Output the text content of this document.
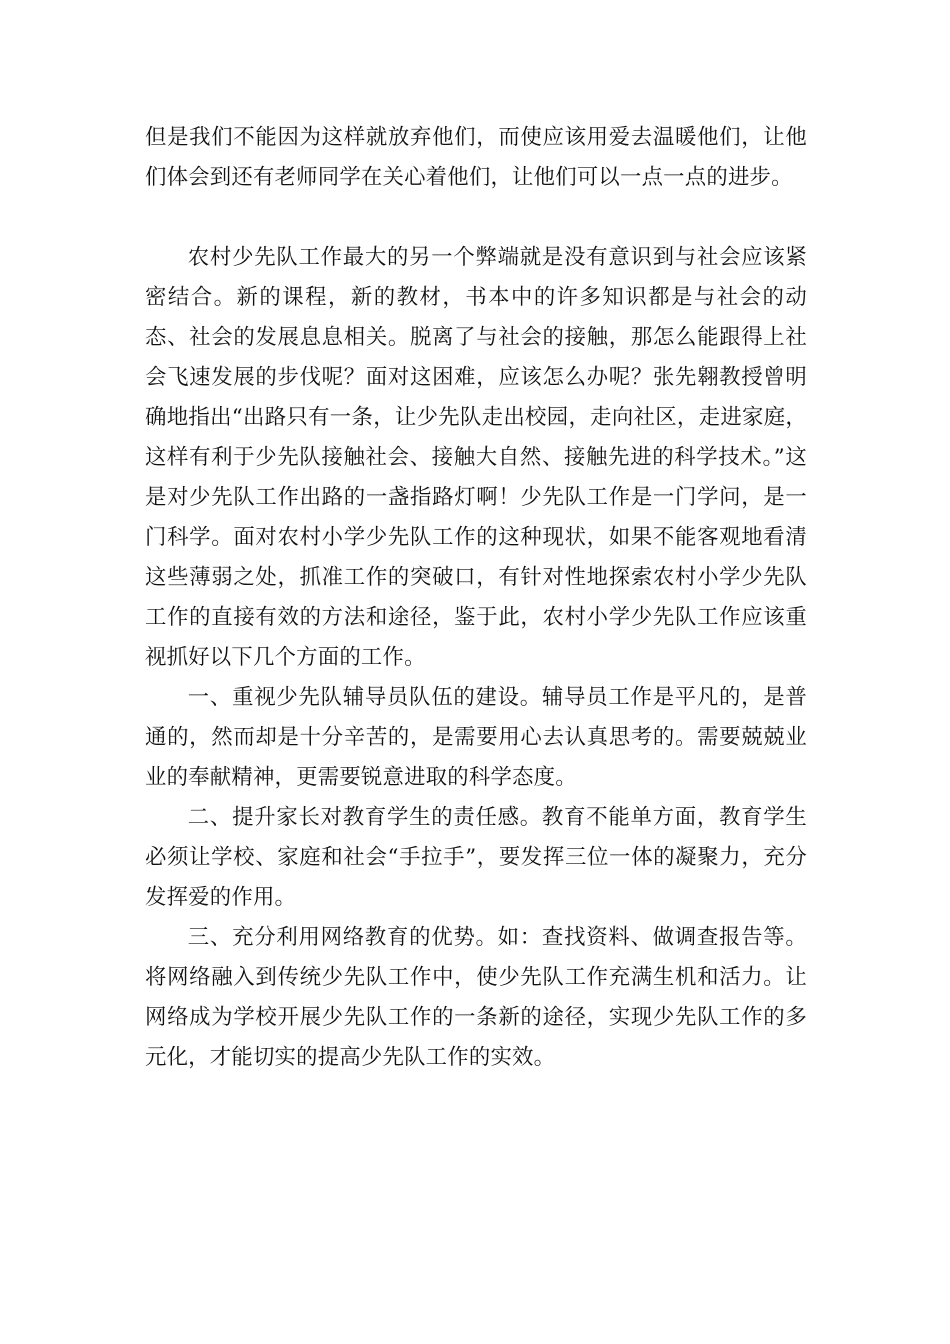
但是我们不能因为这样就放弃他们，而使应该用爱去温暖他们，让他们体会到还有老师同学在关心着他们，让他们可以一点一点的进步。

农村少先队工作最大的另一个弊端就是没有意识到与社会应该紧密结合。新的课程，新的教材，书本中的许多知识都是与社会的动态、社会的发展息息相关。脱离了与社会的接触，那怎么能跟得上社会飞速发展的步伐呢？面对这困难，应该怎么办呢？张先翱教授曾明确地指出“出路只有一条，让少先队走出校园，走向社区，走进家庭，这样有利于少先队接触社会、接触大自然、接触先进的科学技术。”这是对少先队工作出路的一盏指路灯啊！少先队工作是一门学问，是一门科学。面对农村小学少先队工作的这种现状，如果不能客观地看清这些薄弱之处，抓准工作的突破口，有针对性地探索农村小学少先队工作的直接有效的方法和途径，鉴于此，农村小学少先队工作应该重视抓好以下几个方面的工作。

一、重视少先队辅导员队伍的建设。辅导员工作是平凡的，是普通的，然而却是十分辛苦的，是需要用心去认真思考的。需要兢兢业业的奉献精神，更需要锐意进取的科学态度。

二、提升家长对教育学生的责任感。教育不能单方面，教育学生必须让学校、家庭和社会“手拉手”，要发挥三位一体的凝聚力，充分发挥爱的作用。

三、充分利用网络教育的优势。如：查找资料、做调查报告等。将网络融入到传统少先队工作中，使少先队工作充满生机和活力。让网络成为学校开展少先队工作的一条新的途径，实现少先队工作的多元化，才能切实的提高少先队工作的实效。
